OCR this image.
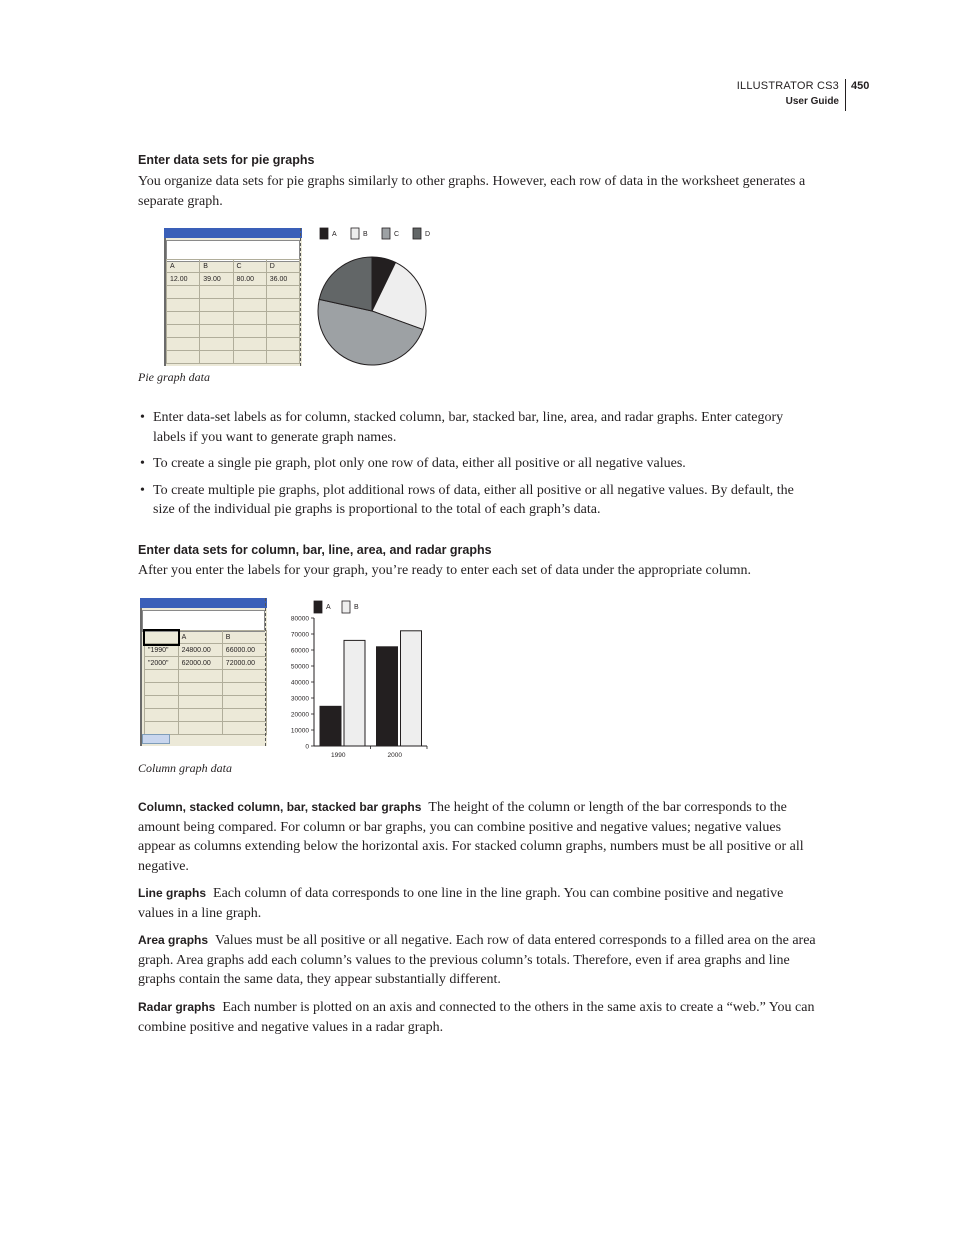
ILLUSTRATOR CS3
User Guide
450
Enter data sets for pie graphs
You organize data sets for pie graphs similarly to other graphs. However, each row of data in the worksheet generates a separate graph.
A	B	C	D
12.00	39.00	80.00	36.00

A	B	C	D
Pie graph data
• Enter data-set labels as for column, stacked column, bar, stacked bar, line, area, and radar graphs. Enter category labels if you want to generate graph names.
• To create a single pie graph, plot only one row of data, either all positive or all negative values.
• To create multiple pie graphs, plot additional rows of data, either all positive or all negative values. By default, the size of the individual pie graphs is proportional to the total of each graph’s data.
Enter data sets for column, bar, line, area, and radar graphs
After you enter the labels for your graph, you’re ready to enter each set of data under the appropriate column.
	A	B
"1990"	24800.00	66000.00
"2000"	62000.00	72000.00

A	B
0
10000
20000
30000
40000
50000
60000
70000
80000
1990	2000
Column graph data
Column, stacked column, bar, stacked bar graphs The height of the column or length of the bar corresponds to the amount being compared. For column or bar graphs, you can combine positive and negative values; negative values appear as columns extending below the horizontal axis. For stacked column graphs, numbers must be all positive or all negative.
Line graphs Each column of data corresponds to one line in the line graph. You can combine positive and negative values in a line graph.
Area graphs Values must be all positive or all negative. Each row of data entered corresponds to a filled area on the area graph. Area graphs add each column’s values to the previous column’s totals. Therefore, even if area graphs and line graphs contain the same data, they appear substantially different.
Radar graphs Each number is plotted on an axis and connected to the others in the same axis to create a “web.” You can combine positive and negative values in a radar graph.
